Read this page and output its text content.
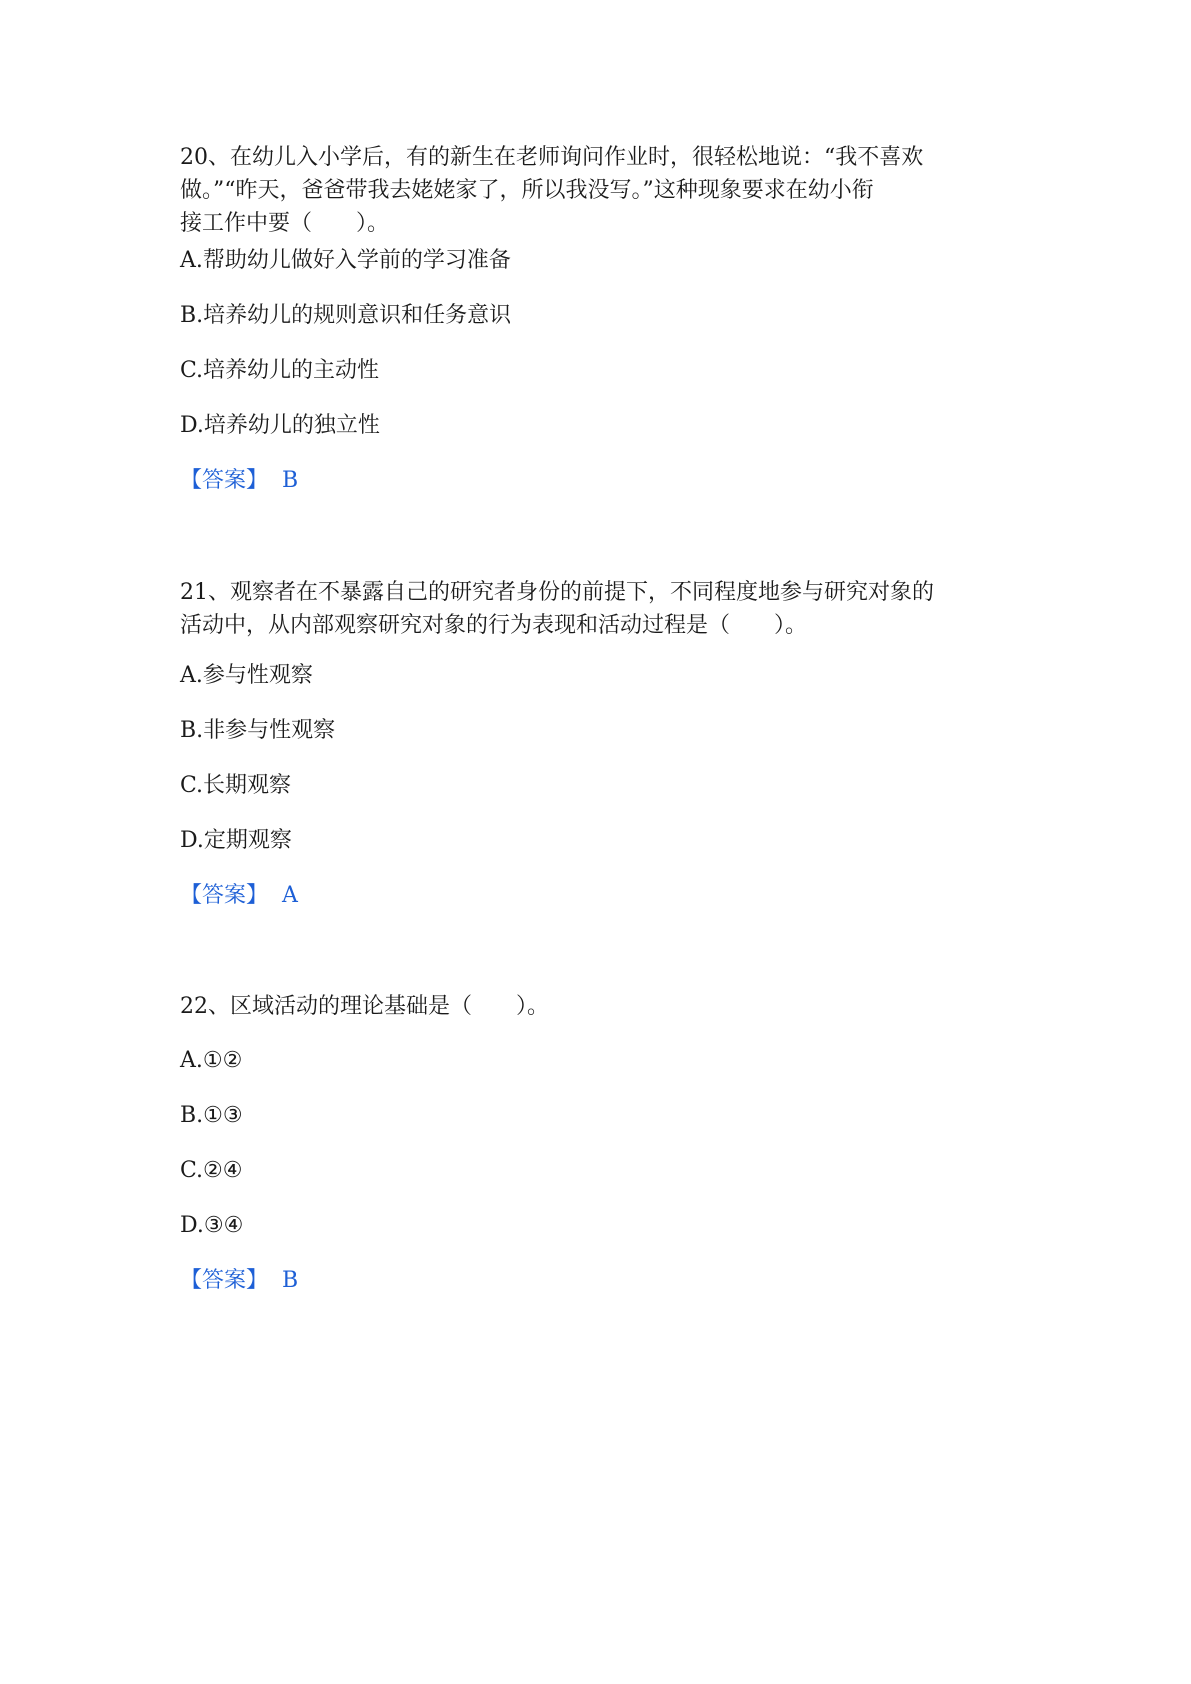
20、在幼儿入小学后，有的新生在老师询问作业时，很轻松地说：“我不喜欢
做。”“昨天，爸爸带我去姥姥家了，所以我没写。”这种现象要求在幼小衔
接工作中要（　　）。
A.帮助幼儿做好入学前的学习准备
B.培养幼儿的规则意识和任务意识
C.培养幼儿的主动性
D.培养幼儿的独立性
【答案】 B
21、观察者在不暴露自己的研究者身份的前提下，不同程度地参与研究对象的
活动中，从内部观察研究对象的行为表现和活动过程是（　　）。
A.参与性观察
B.非参与性观察
C.长期观察
D.定期观察
【答案】 A
22、区域活动的理论基础是（　　）。
A.①②
B.①③
C.②④
D.③④
【答案】 B
